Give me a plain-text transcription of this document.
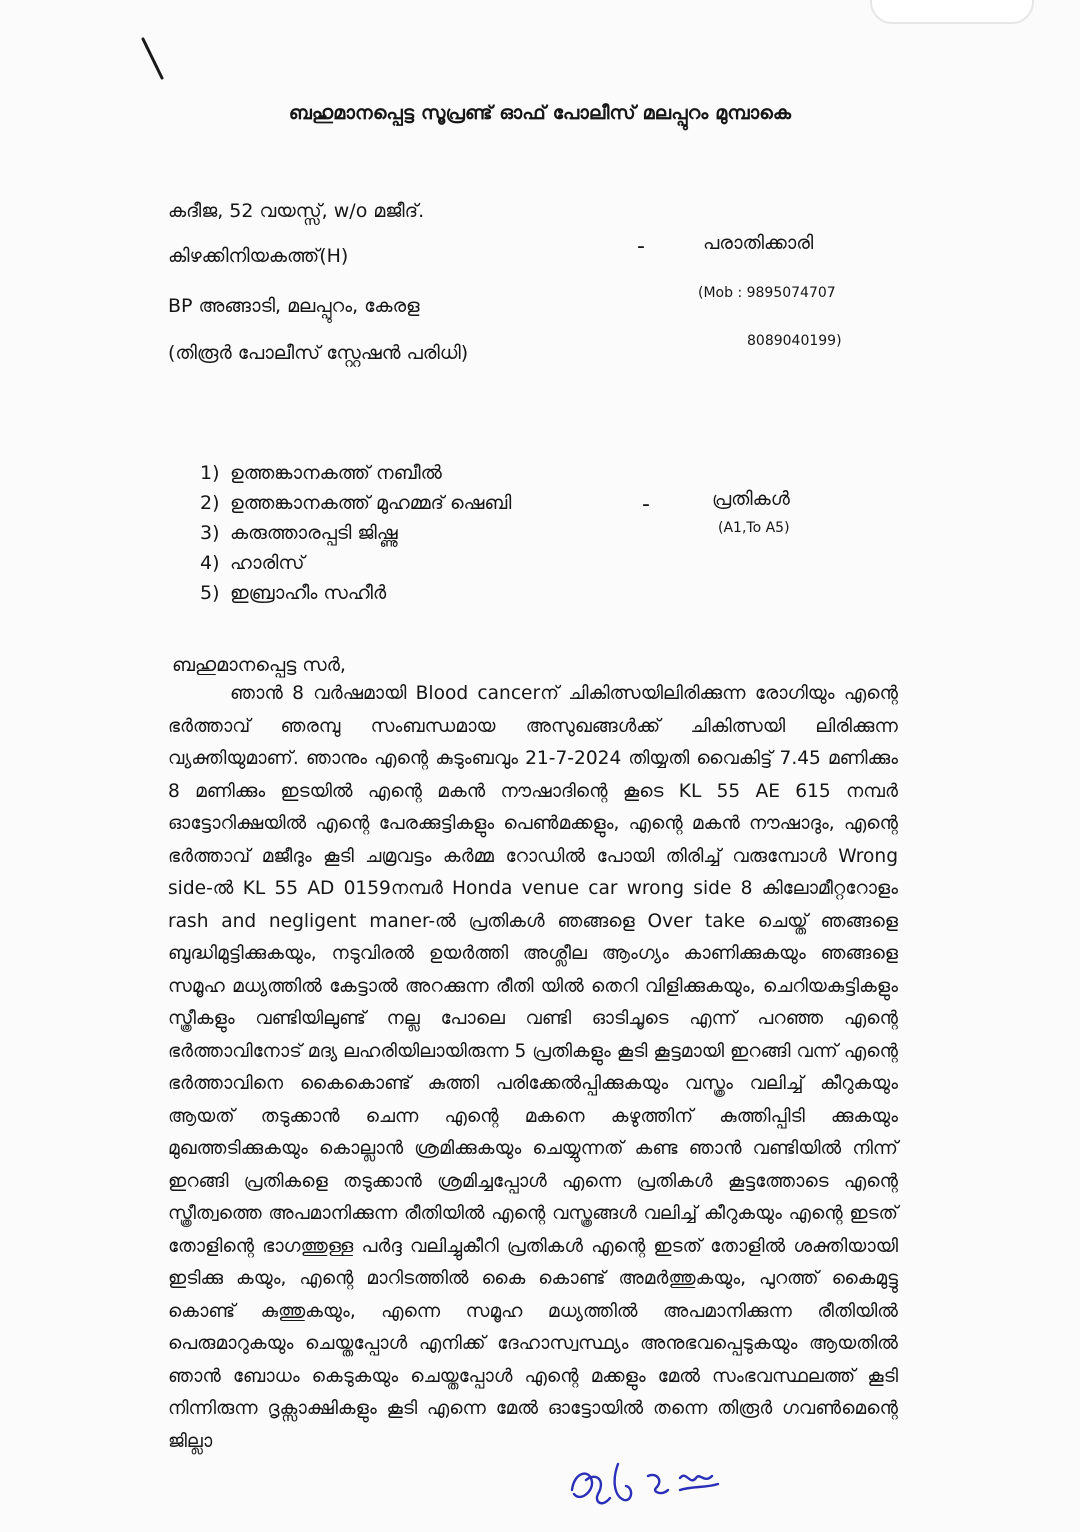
ബഹുമാനപ്പെട്ട സൂപ്രണ്ട് ഓഫ് പോലീസ് മലപ്പുറം മുമ്പാകെ
കദീജ, 52 വയസ്സ്, w/o മജീദ്.
കിഴക്കിനിയകത്ത്(H)
BP അങ്ങാടി, മലപ്പുറം, കേരള
(തിരൂർ പോലീസ് സ്റ്റേഷൻ പരിധി)
-	പരാതിക്കാരി
(Mob : 9895074707
8089040199)
1) ഉത്തങ്കാനകത്ത് നബീൽ
2) ഉത്തങ്കാനകത്ത് മുഹമ്മദ് ഷെബി
3) കരുത്താരപ്പടി ജിഷ്ണു
4) ഹാരിസ്
5) ഇബ്രാഹീം സഹീർ
-	പ്രതികൾ
(A1,To A5)
ബഹുമാനപ്പെട്ട സർ,
ഞാൻ 8 വർഷമായി Blood cancerന് ചികിത്സയിലിരിക്കുന്ന രോഗിയും എന്റെ ഭർത്താവ് ഞരമ്പു സംബന്ധമായ അസുഖങ്ങൾക്ക് ചികിത്സയി ലിരിക്കുന്ന വ്യക്തിയുമാണ്. ഞാനും എന്റെ കുടുംബവും 21-7-2024 തിയ്യതി വൈകിട്ട് 7.45 മണിക്കും 8 മണിക്കും ഇടയിൽ എന്റെ മകൻ നൗഷാദിന്റെ കൂടെ KL 55 AE 615 നമ്പർ ഓട്ടോറിക്ഷയിൽ എന്റെ പേരക്കുട്ടികളും പെൺമക്കളും, എന്റെ മകൻ നൗഷാദും, എന്റെ ഭർത്താവ് മജീദും കൂടി ചമ്രവട്ടം കർമ്മ റോഡിൽ പോയി തിരിച്ച് വരുമ്പോൾ Wrong side-ൽ KL 55 AD 0159നമ്പർ Honda venue car wrong side 8 കിലോമീറ്ററോളം rash and negligent maner-ൽ പ്രതികൾ ഞങ്ങളെ Over take ചെയ്ത് ഞങ്ങളെ ബുദ്ധിമുട്ടിക്കുകയും, നടുവിരൽ ഉയർത്തി അശ്ലീല ആംഗ്യം കാണിക്കുകയും ഞങ്ങളെ സമൂഹ മധ്യത്തിൽ കേട്ടാൽ അറക്കുന്ന രീതി യിൽ തെറി വിളിക്കുകയും, ചെറിയകുട്ടികളും സ്ത്രീകളും വണ്ടിയിലുണ്ട് നല്ല പോലെ വണ്ടി ഓടിചൂടെ എന്ന് പറഞ്ഞ എന്റെ ഭർത്താവിനോട് മദ്യ ലഹരിയിലായിരുന്ന 5 പ്രതികളും കൂടി കൂട്ടമായി ഇറങ്ങി വന്ന് എന്റെ ഭർത്താവിനെ കൈകൊണ്ട് കുത്തി പരിക്കേൽപ്പിക്കുകയും വസ്ത്രം വലിച്ച് കീറുകയും ആയത് തടുക്കാൻ ചെന്ന എന്റെ മകനെ കഴുത്തിന് കുത്തിപ്പിടി ക്കുകയും മുഖത്തടിക്കുകയും കൊല്ലാൻ ശ്രമിക്കുകയും ചെയ്യുന്നത് കണ്ട ഞാൻ വണ്ടിയിൽ നിന്ന് ഇറങ്ങി പ്രതികളെ തടുക്കാൻ ശ്രമിച്ചപ്പോൾ എന്നെ പ്രതികൾ കൂട്ടത്തോടെ എന്റെ സ്ത്രീത്വത്തെ അപമാനിക്കുന്ന രീതിയിൽ എന്റെ വസ്ത്രങ്ങൾ വലിച്ച് കീറുകയും എന്റെ ഇടത് തോളിന്റെ ഭാഗത്തുള്ള പർദ്ദ വലിച്ചുകീറി പ്രതികൾ എന്റെ ഇടത് തോളിൽ ശക്തിയായി ഇടിക്കു കയും, എന്റെ മാറിടത്തിൽ കൈ കൊണ്ട് അമർത്തുകയും, പുറത്ത് കൈമുട്ടു കൊണ്ട് കുത്തുകയും, എന്നെ സമൂഹ മധ്യത്തിൽ അപമാനിക്കുന്ന രീതിയിൽ പെരുമാറുകയും ചെയ്തപ്പോൾ എനിക്ക് ദേഹാസ്വസ്ഥ്യം അനുഭവപ്പെടുകയും ആയതിൽ ഞാൻ ബോധം കെടുകയും ചെയ്തപ്പോൾ എന്റെ മക്കളും മേൽ സംഭവസ്ഥലത്ത് കൂടി നിന്നിരുന്ന ദൃക്സാക്ഷികളും കൂടി എന്നെ മേൽ ഓട്ടോയിൽ തന്നെ തിരൂർ ഗവൺമെന്റെ ജില്ലാ
